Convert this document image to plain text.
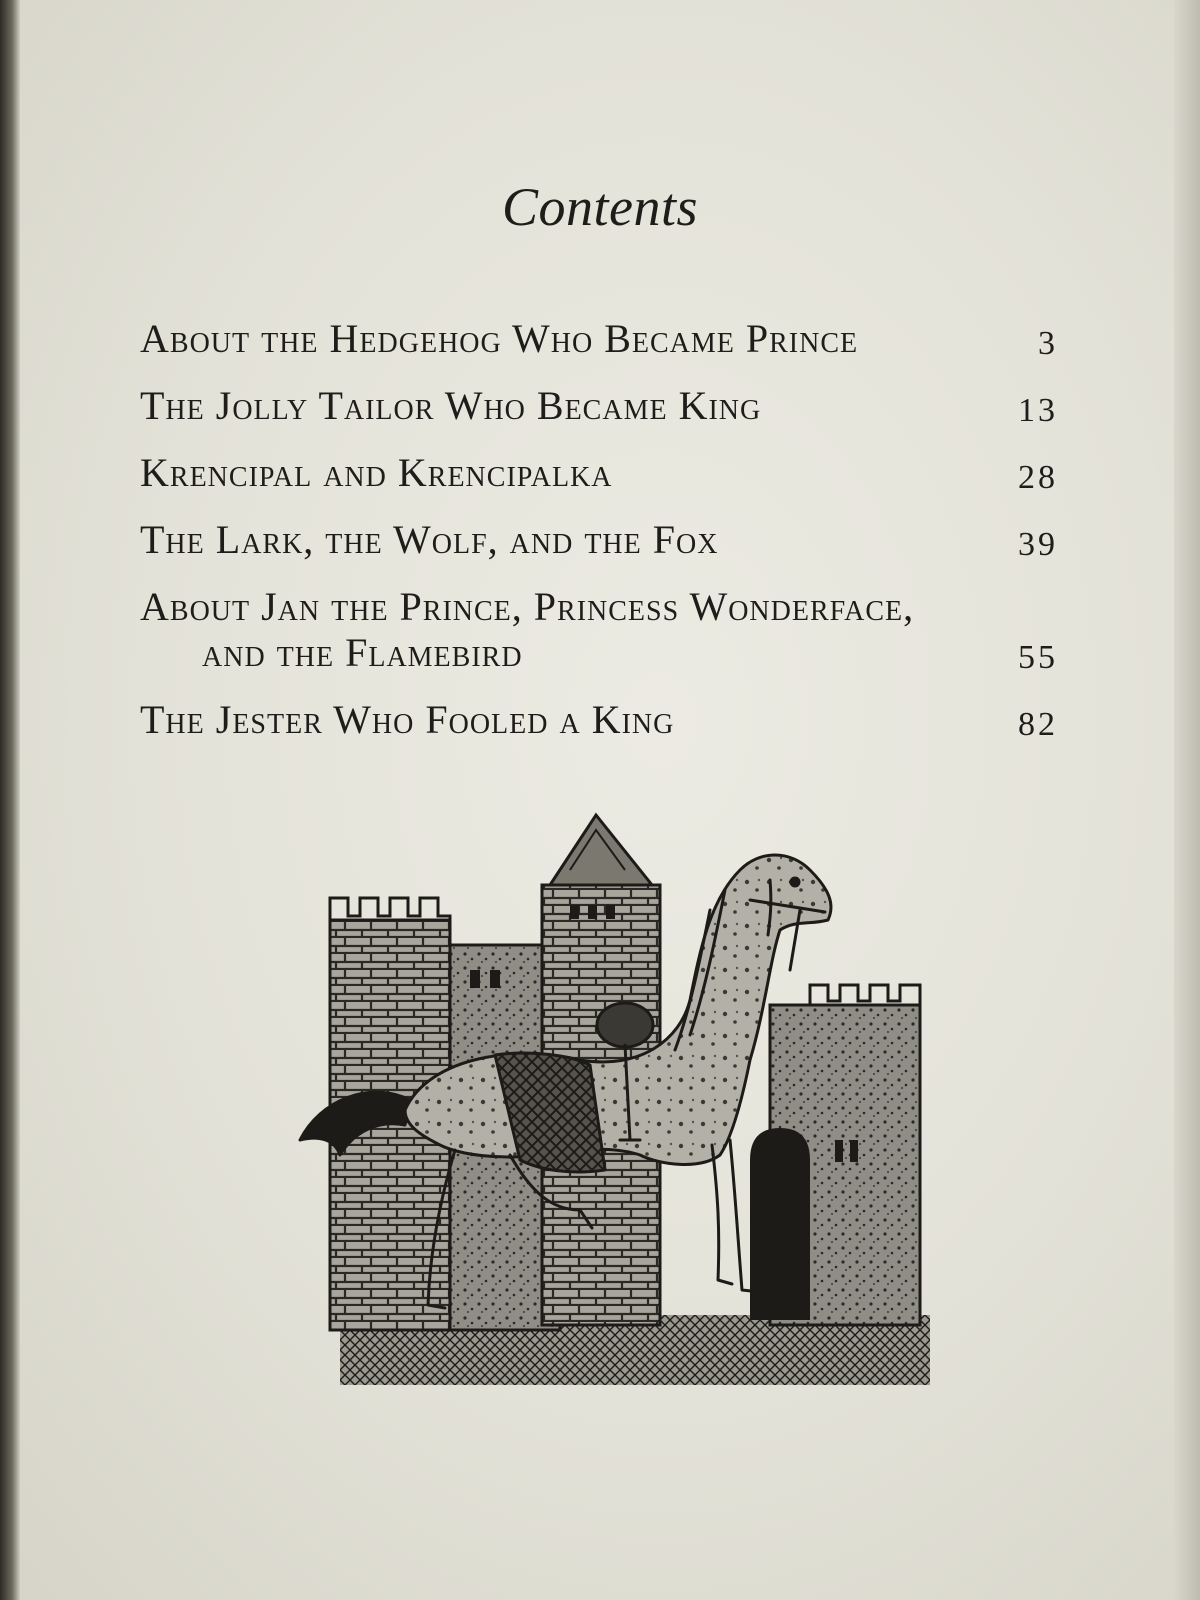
Contents
About the Hedgehog Who Became Prince	3
The Jolly Tailor Who Became King	13
Krencipal and Krencipalka	28
The Lark, the Wolf, and the Fox	39
About Jan the Prince, Princess Wonderface,
and the Flamebird	55
The Jester Who Fooled a King	82
